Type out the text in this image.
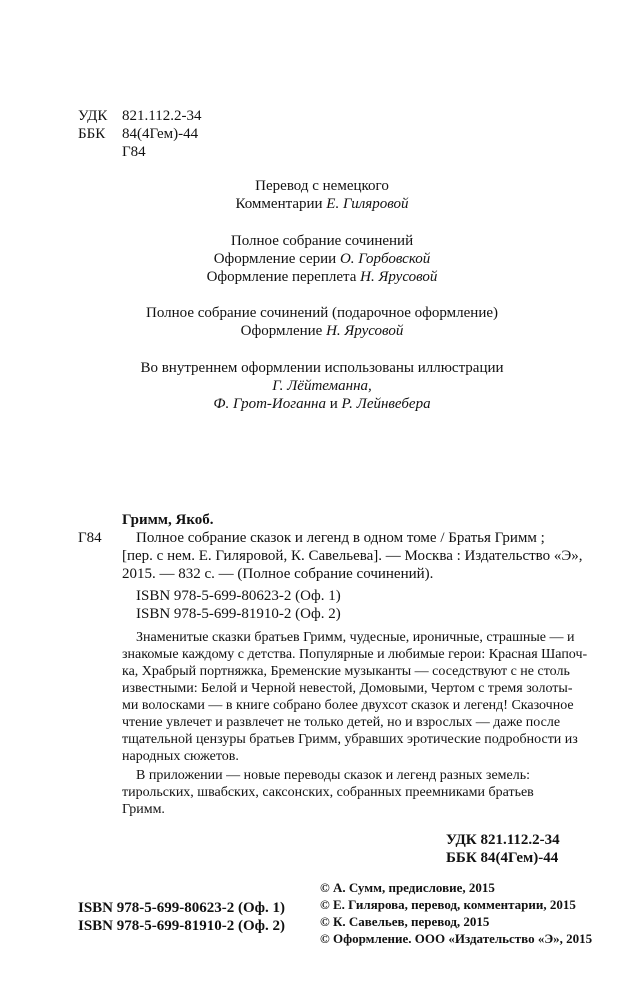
УДК 821.112.2-34
ББК 84(4Гем)-44
Г84
Перевод с немецкого
Комментарии Е. Гиляровой
Полное собрание сочинений
Оформление серии О. Горбовской
Оформление переплета Н. Ярусовой
Полное собрание сочинений (подарочное оформление)
Оформление Н. Ярусовой
Во внутреннем оформлении использованы иллюстрации
Г. Лёйтеманна,
Ф. Грот-Иоганна и Р. Лейнвебера
Гримм, Якоб.
Г84 Полное собрание сказок и легенд в одном томе / Братья Гримм ;
[пер. с нем. Е. Гиляровой, К. Савельева]. — Москва : Издательство «Э»,
2015. — 832 с. — (Полное собрание сочинений).
ISBN 978-5-699-80623-2 (Оф. 1)
ISBN 978-5-699-81910-2 (Оф. 2)
Знаменитые сказки братьев Гримм, чудесные, ироничные, страшные — и
знакомые каждому с детства. Популярные и любимые герои: Красная Шапоч-
ка, Храбрый портняжка, Бременские музыканты — соседствуют с не столь
известными: Белой и Черной невестой, Домовыми, Чертом с тремя золоты-
ми волосками — в книге собрано более двухсот сказок и легенд! Сказочное
чтение увлечет и развлечет не только детей, но и взрослых — даже после
тщательной цензуры братьев Гримм, убравших эротические подробности из
народных сюжетов.
В приложении — новые переводы сказок и легенд разных земель:
тирольских, швабских, саксонских, собранных преемниками братьев
Гримм.
УДК 821.112.2-34
ББК 84(4Гем)-44
ISBN 978-5-699-80623-2 (Оф. 1)
ISBN 978-5-699-81910-2 (Оф. 2)
© А. Сумм, предисловие, 2015
© Е. Гилярова, перевод, комментарии, 2015
© К. Савельев, перевод, 2015
© Оформление. ООО «Издательство «Э», 2015
